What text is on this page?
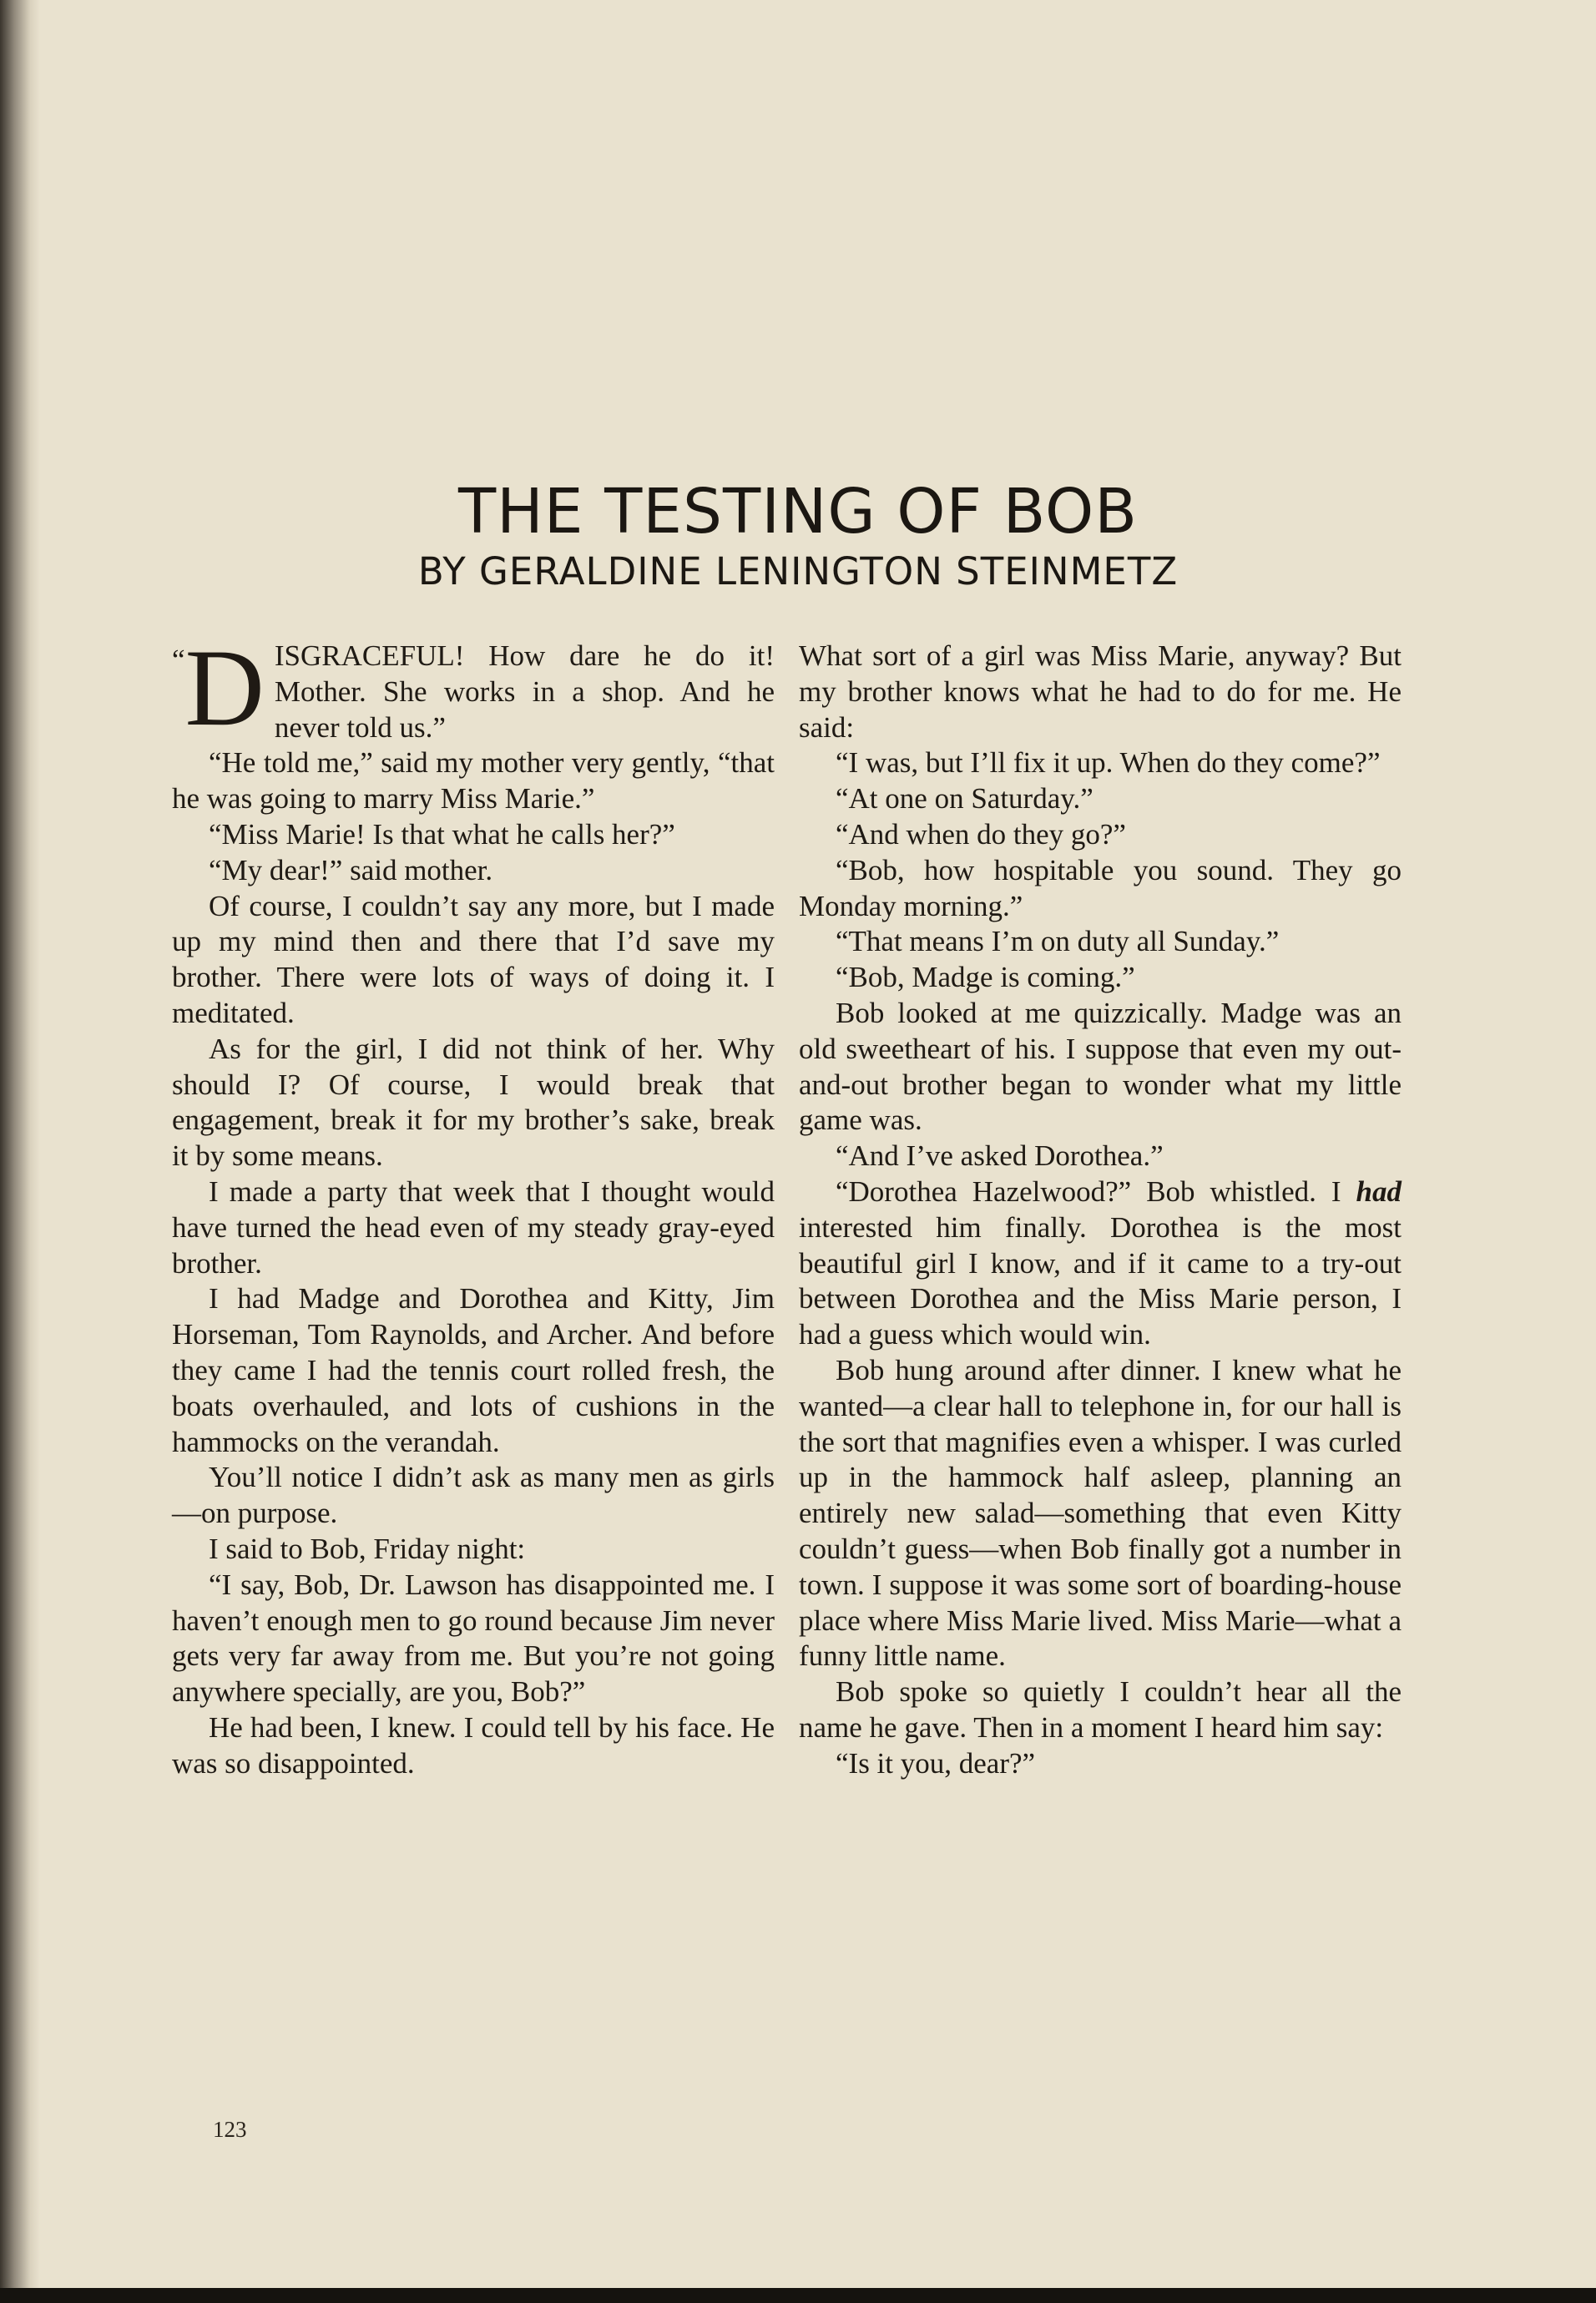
THE TESTING OF BOB
BY GERALDINE LENINGTON STEINMETZ

“D ISGRACEFUL! How dare he do it! Mother. She works in a shop. And he never told us.”

“He told me,” said my mother very gently, “that he was going to marry Miss Marie.”

“Miss Marie! Is that what he calls her?”

“My dear!” said mother.

Of course, I couldn’t say any more, but I made up my mind then and there that I’d save my brother. There were lots of ways of doing it. I meditated.

As for the girl, I did not think of her. Why should I? Of course, I would break that engagement, break it for my brother’s sake, break it by some means.

I made a party that week that I thought would have turned the head even of my steady gray-eyed brother.

I had Madge and Dorothea and Kitty, Jim Horseman, Tom Raynolds, and Archer. And before they came I had the tennis court rolled fresh, the boats overhauled, and lots of cushions in the hammocks on the verandah.

You’ll notice I didn’t ask as many men as girls—on purpose.

I said to Bob, Friday night:

“I say, Bob, Dr. Lawson has disappointed me. I haven’t enough men to go round because Jim never gets very far away from me. But you’re not going anywhere specially, are you, Bob?”

He had been, I knew. I could tell by his face. He was so disappointed.

What sort of a girl was Miss Marie, anyway? But my brother knows what he had to do for me. He said:

“I was, but I’ll fix it up. When do they come?”

“At one on Saturday.”

“And when do they go?”

“Bob, how hospitable you sound. They go Monday morning.”

“That means I’m on duty all Sunday.”

“Bob, Madge is coming.”

Bob looked at me quizzically. Madge was an old sweetheart of his. I suppose that even my out-and-out brother began to wonder what my little game was.

“And I’ve asked Dorothea.”

“Dorothea Hazelwood?” Bob whistled. I had interested him finally. Dorothea is the most beautiful girl I know, and if it came to a try-out between Dorothea and the Miss Marie person, I had a guess which would win.

Bob hung around after dinner. I knew what he wanted—a clear hall to telephone in, for our hall is the sort that magnifies even a whisper. I was curled up in the hammock half asleep, planning an entirely new salad—something that even Kitty couldn’t guess—when Bob finally got a number in town. I suppose it was some sort of boarding-house place where Miss Marie lived. Miss Marie—what a funny little name.

Bob spoke so quietly I couldn’t hear all the name he gave. Then in a moment I heard him say:

“Is it you, dear?”

123
